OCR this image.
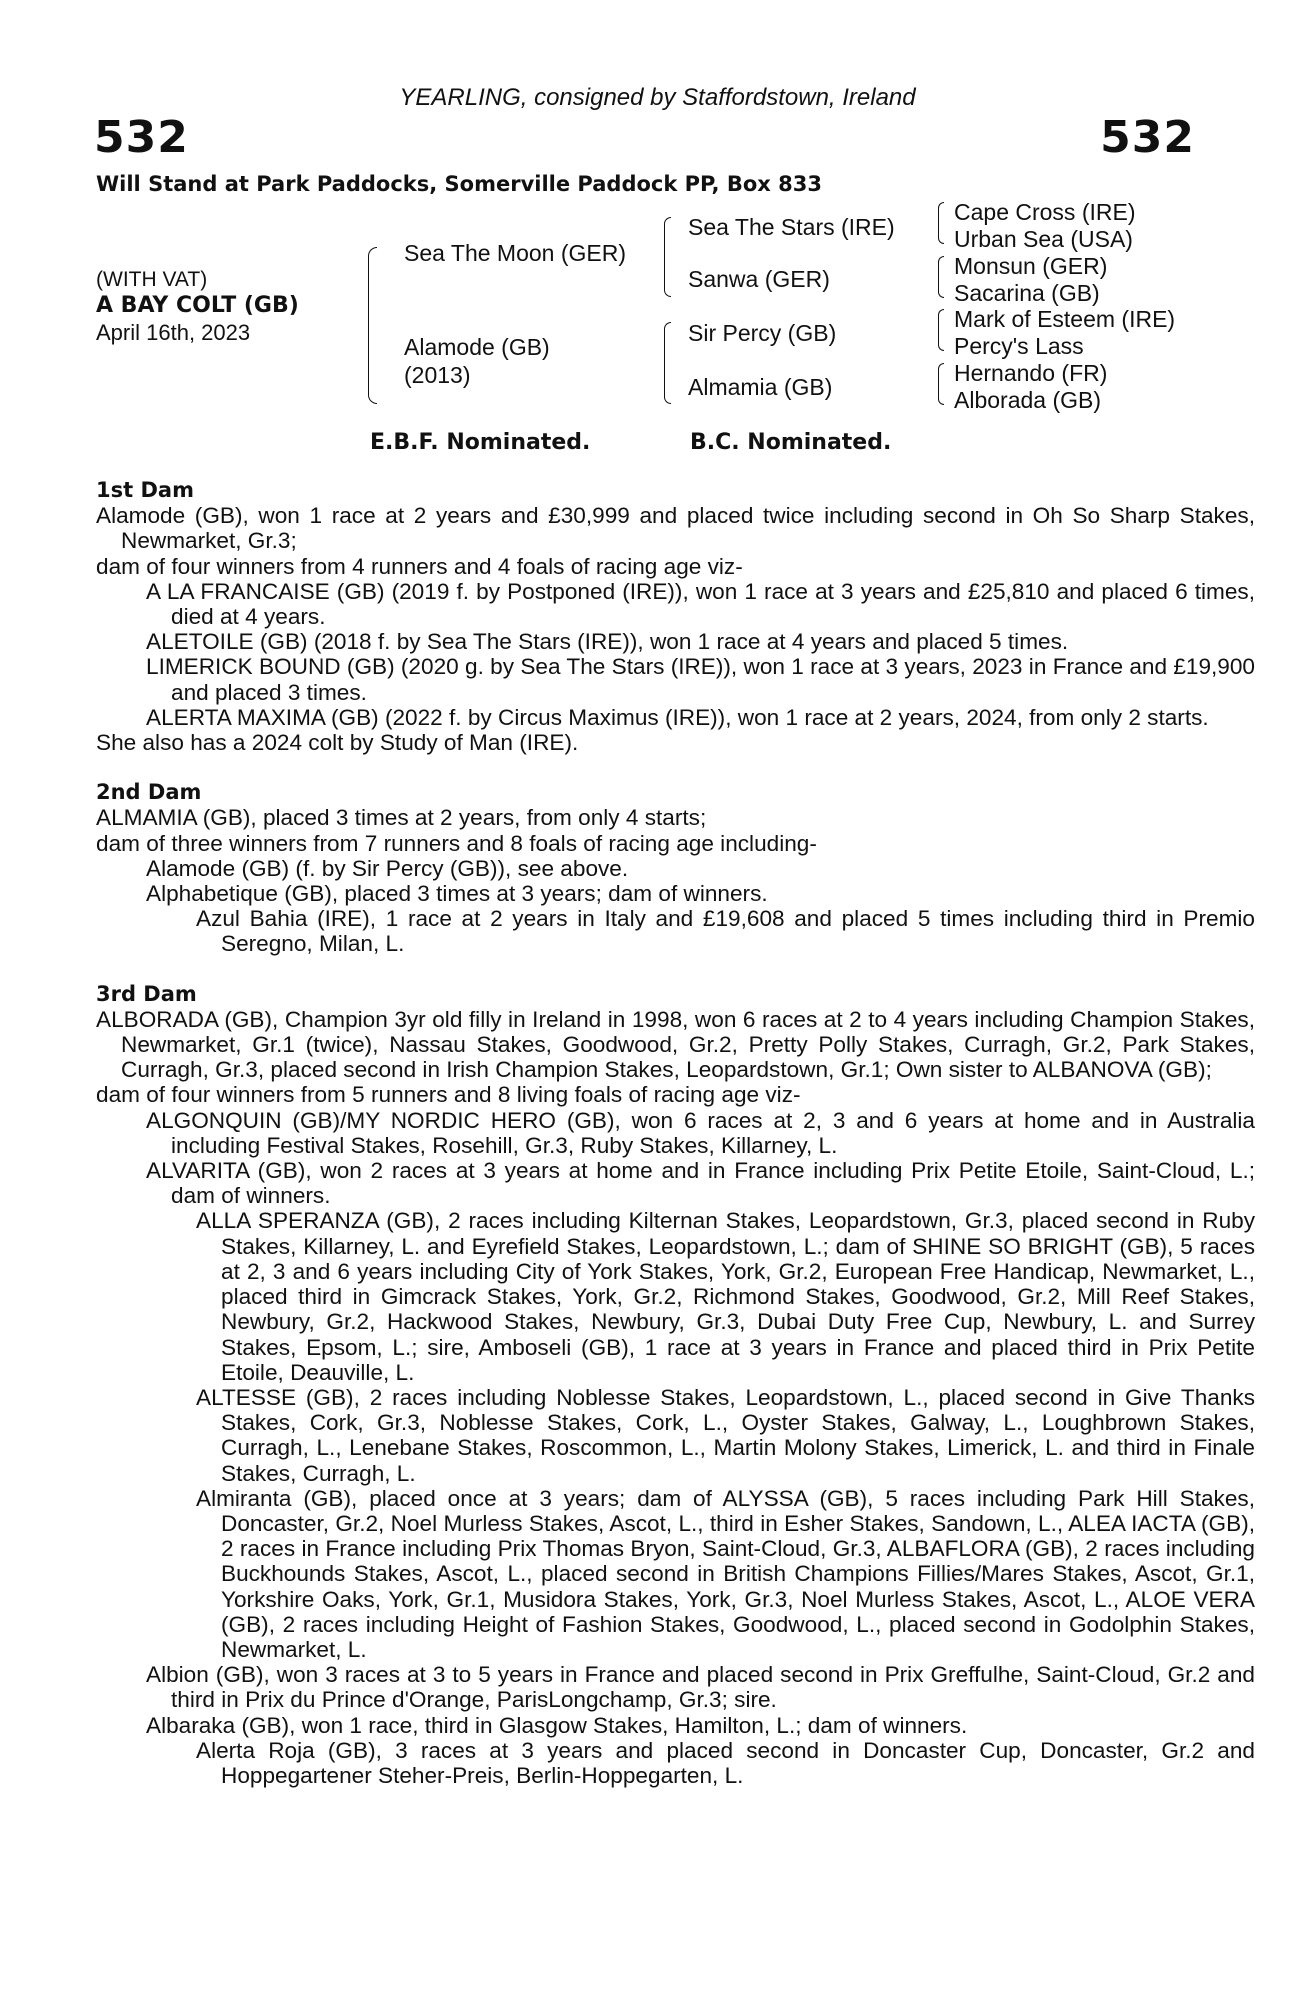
YEARLING, consigned by Staffordstown, Ireland
532	532
Will Stand at Park Paddocks, Somerville Paddock PP, Box 833
(WITH VAT)
A BAY COLT (GB)
April 16th, 2023
Sea The Moon (GER)
Alamode (GB)
(2013)
Sea The Stars (IRE)
Sanwa (GER)
Sir Percy (GB)
Almamia (GB)
Cape Cross (IRE)
Urban Sea (USA)
Monsun (GER)
Sacarina (GB)
Mark of Esteem (IRE)
Percy's Lass
Hernando (FR)
Alborada (GB)
E.B.F. Nominated.	B.C. Nominated.

1st Dam

Alamode (GB), won 1 race at 2 years and £30,999 and placed twice including second in Oh So Sharp Stakes, Newmarket, Gr.3;

dam of four winners from 4 runners and 4 foals of racing age viz-

A LA FRANCAISE (GB) (2019 f. by Postponed (IRE)), won 1 race at 3 years and £25,810 and placed 6 times, died at 4 years.

ALETOILE (GB) (2018 f. by Sea The Stars (IRE)), won 1 race at 4 years and placed 5 times.

LIMERICK BOUND (GB) (2020 g. by Sea The Stars (IRE)), won 1 race at 3 years, 2023 in France and £19,900 and placed 3 times.

ALERTA MAXIMA (GB) (2022 f. by Circus Maximus (IRE)), won 1 race at 2 years, 2024, from only 2 starts.

She also has a 2024 colt by Study of Man (IRE).

2nd Dam

ALMAMIA (GB), placed 3 times at 2 years, from only 4 starts;

dam of three winners from 7 runners and 8 foals of racing age including-

Alamode (GB) (f. by Sir Percy (GB)), see above.

Alphabetique (GB), placed 3 times at 3 years; dam of winners.

Azul Bahia (IRE), 1 race at 2 years in Italy and £19,608 and placed 5 times including third in Premio Seregno, Milan, L.

3rd Dam

ALBORADA (GB), Champion 3yr old filly in Ireland in 1998, won 6 races at 2 to 4 years including Champion Stakes, Newmarket, Gr.1 (twice), Nassau Stakes, Goodwood, Gr.2, Pretty Polly Stakes, Curragh, Gr.2, Park Stakes, Curragh, Gr.3, placed second in Irish Champion Stakes, Leopardstown, Gr.1; Own sister to ALBANOVA (GB);

dam of four winners from 5 runners and 8 living foals of racing age viz-

ALGONQUIN (GB)/MY NORDIC HERO (GB), won 6 races at 2, 3 and 6 years at home and in Australia including Festival Stakes, Rosehill, Gr.3, Ruby Stakes, Killarney, L.

ALVARITA (GB), won 2 races at 3 years at home and in France including Prix Petite Etoile, Saint-Cloud, L.; dam of winners.

ALLA SPERANZA (GB), 2 races including Kilternan Stakes, Leopardstown, Gr.3, placed second in Ruby Stakes, Killarney, L. and Eyrefield Stakes, Leopardstown, L.; dam of SHINE SO BRIGHT (GB), 5 races at 2, 3 and 6 years including City of York Stakes, York, Gr.2, European Free Handicap, Newmarket, L., placed third in Gimcrack Stakes, York, Gr.2, Richmond Stakes, Goodwood, Gr.2, Mill Reef Stakes, Newbury, Gr.2, Hackwood Stakes, Newbury, Gr.3, Dubai Duty Free Cup, Newbury, L. and Surrey Stakes, Epsom, L.; sire, Amboseli (GB), 1 race at 3 years in France and placed third in Prix Petite Etoile, Deauville, L.

ALTESSE (GB), 2 races including Noblesse Stakes, Leopardstown, L., placed second in Give Thanks Stakes, Cork, Gr.3, Noblesse Stakes, Cork, L., Oyster Stakes, Galway, L., Loughbrown Stakes, Curragh, L., Lenebane Stakes, Roscommon, L., Martin Molony Stakes, Limerick, L. and third in Finale Stakes, Curragh, L.

Almiranta (GB), placed once at 3 years; dam of ALYSSA (GB), 5 races including Park Hill Stakes, Doncaster, Gr.2, Noel Murless Stakes, Ascot, L., third in Esher Stakes, Sandown, L., ALEA IACTA (GB), 2 races in France including Prix Thomas Bryon, Saint-Cloud, Gr.3, ALBAFLORA (GB), 2 races including Buckhounds Stakes, Ascot, L., placed second in British Champions Fillies/Mares Stakes, Ascot, Gr.1, Yorkshire Oaks, York, Gr.1, Musidora Stakes, York, Gr.3, Noel Murless Stakes, Ascot, L., ALOE VERA (GB), 2 races including Height of Fashion Stakes, Goodwood, L., placed second in Godolphin Stakes, Newmarket, L.

Albion (GB), won 3 races at 3 to 5 years in France and placed second in Prix Greffulhe, Saint-Cloud, Gr.2 and third in Prix du Prince d'Orange, ParisLongchamp, Gr.3; sire.

Albaraka (GB), won 1 race, third in Glasgow Stakes, Hamilton, L.; dam of winners.

Alerta Roja (GB), 3 races at 3 years and placed second in Doncaster Cup, Doncaster, Gr.2 and Hoppegartener Steher-Preis, Berlin-Hoppegarten, L.
